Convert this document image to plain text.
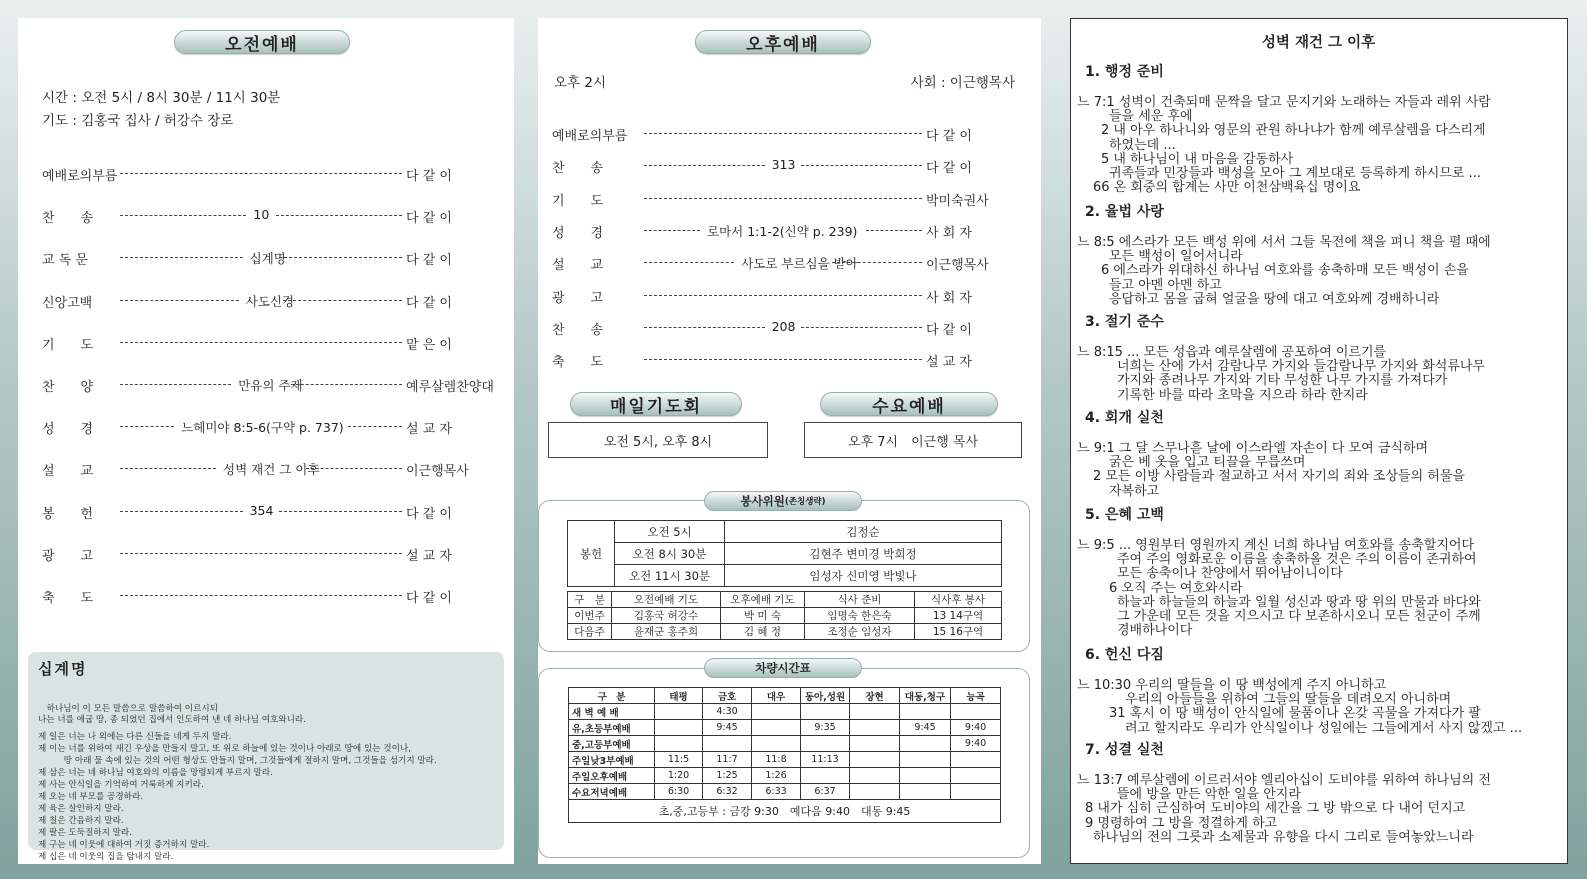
오전예배
시간 : 오전 5시 / 8시 30분 / 11시 30분
기도 : 김홍국 집사 / 허강수 장로
예배로의부름	다 같 이
찬　　송	10	다 같 이
교 독 문	십계명	다 같 이
신앙고백	사도신경	다 같 이
기　　도	맡 은 이
찬　　양	만유의 주재	예루살렘찬양대
성　　경	느헤미야 8:5-6(구약 p. 737)	설 교 자
설　　교	성벽 재건 그 이후	이근행목사
봉　　헌	354	다 같 이
광　　고	설 교 자
축　　도	다 같 이
십계명
　하나님이 이 모든 말씀으로 말씀하여 이르시되
나는 너를 애굽 땅, 종 되었던 집에서 인도하여 낸 네 하나님 여호와니라.
제 일은 너는 나 외에는 다른 신들을 네게 두지 말라.
제 이는 너를 위하여 새긴 우상을 만들지 말고, 또 위로 하늘에 있는 것이나 아래로 땅에 있는 것이나,
　　　땅 아래 물 속에 있는 것의 어떤 형상도 만들지 말며, 그것들에게 절하지 말며, 그것들을 섬기지 말라.
제 삼은 너는 네 하나님 여호와의 이름을 망령되게 부르지 말라.
제 사는 안식일을 기억하여 거룩하게 지키라.
제 오는 네 부모를 공경하라.
제 육은 살인하지 말라.
제 칠은 간음하지 말라.
제 팔은 도둑질하지 말라.
제 구는 네 이웃에 대하여 거짓 증거하지 말라.
제 십은 네 이웃의 집을 탐내지 말라.
오후예배
오후 2시	사회 : 이근행목사
예배로의부름	다 같 이
찬　　송	313	다 같 이
기　　도	박미숙권사
성　　경	로마서 1:1-2(신약 p. 239)	사 회 자
설　　교	사도로 부르심을 받아	이근행목사
광　　고	사 회 자
찬　　송	208	다 같 이
축　　도	설 교 자
매일기도회
오전 5시, 오후 8시
수요예배
오후 7시　이근행 목사
봉사위원 (존칭생략)
봉헌	오전 5시	김정순
	오전 8시 30분	김현주 변미경 박희정
	오전 11시 30분	임성자 신미영 박빛나
구　분	오전예배 기도	오후예배 기도	식사 준비	식사후 봉사
이번주	김홍국 허강수	박 미 숙	임명숙 한은숙	13 14구역
다음주	윤재군 홍주희	김 혜 정	조정순 임성자	15 16구역
차량시간표
구　분	태평	금호	대우	동아,성원	장현	대동,청구	능곡
새 벽 예 배		4:30					
유,초등부예배		9:45		9:35		9:45	9:40
중,고등부예배							9:40
주일낮3부예배	11:5	11:7	11:8	11:13			
주일오후예배	1:20	1:25	1:26				
수요저녁예배	6:30	6:32	6:33	6:37			
초,중,고등부 : 금강 9:30　예다음 9:40　대동 9:45							
성벽 재건 그 이후
1. 행정 준비
느 7:1 성벽이 건축되매 문짝을 달고 문지기와 노래하는 자들과 레위 사람
들을 세운 후에
2 내 아우 하나니와 영문의 관원 하나냐가 함께 예루살렘을 다스리게
하였는데 ...
5 내 하나님이 내 마음을 감동하사
귀족들과 민장들과 백성을 모아 그 계보대로 등록하게 하시므로 ...
66 온 회중의 합계는 사만 이천삼백육십 명이요
2. 율법 사랑
느 8:5 에스라가 모든 백성 위에 서서 그들 목전에 책을 펴니 책을 펼 때에
모든 백성이 일어서니라
6 에스라가 위대하신 하나님 여호와를 송축하매 모든 백성이 손을
들고 아멘 아멘 하고
응답하고 몸을 굽혀 얼굴을 땅에 대고 여호와께 경배하니라
3. 절기 준수
느 8:15 ... 모든 성읍과 예루살렘에 공포하여 이르기를
너희는 산에 가서 감람나무 가지와 들감람나무 가지와 화석류나무
가지와 종려나무 가지와 기타 무성한 나무 가지를 가져다가
기록한 바를 따라 초막을 지으라 하라 한지라
4. 회개 실천
느 9:1 그 달 스무나흗 날에 이스라엘 자손이 다 모여 금식하며
굵은 베 옷을 입고 티끌을 무릅쓰며
2 모든 이방 사람들과 절교하고 서서 자기의 죄와 조상들의 허물을
자복하고
5. 은혜 고백
느 9:5 ... 영원부터 영원까지 계신 너희 하나님 여호와를 송축할지어다
주여 주의 영화로운 이름을 송축하올 것은 주의 이름이 존귀하여
모든 송축이나 찬양에서 뛰어남이니이다
6 오직 주는 여호와시라
하늘과 하늘들의 하늘과 일월 성신과 땅과 땅 위의 만물과 바다와
그 가운데 모든 것을 지으시고 다 보존하시오니 모든 천군이 주께
경배하나이다
6. 헌신 다짐
느 10:30 우리의 딸들을 이 땅 백성에게 주지 아니하고
우리의 아들들을 위하여 그들의 딸들을 데려오지 아니하며
31 혹시 이 땅 백성이 안식일에 물품이나 온갖 곡물을 가져다가 팔
려고 할지라도 우리가 안식일이나 성일에는 그들에게서 사지 않겠고 ...
7. 성결 실천
느 13:7 예루살렘에 이르러서야 엘리아십이 도비야를 위하여 하나님의 전
뜰에 방을 만든 악한 일을 안지라
8 내가 심히 근심하여 도비야의 세간을 그 방 밖으로 다 내어 던지고
9 명령하여 그 방을 정결하게 하고
하나님의 전의 그릇과 소제물과 유향을 다시 그리로 들여놓았느니라
